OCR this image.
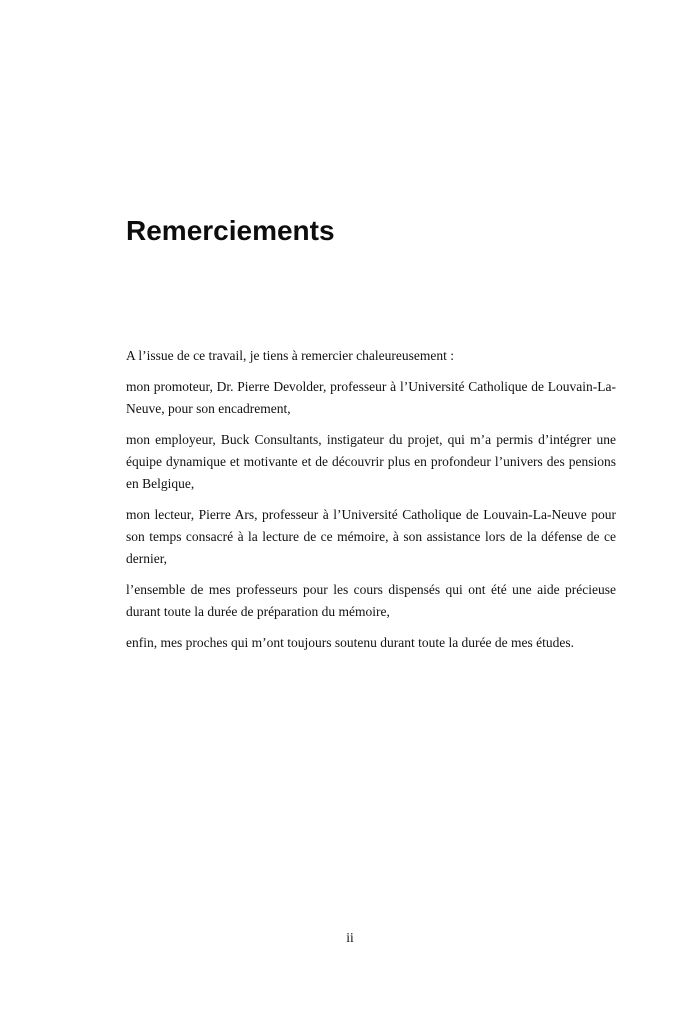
Remerciements

A l’issue de ce travail, je tiens à remercier chaleureusement :

mon promoteur, Dr. Pierre Devolder, professeur à l’Université Catholique de Louvain-La-Neuve, pour son encadrement,

mon employeur, Buck Consultants, instigateur du projet, qui m’a permis d’intégrer une équipe dynamique et motivante et de découvrir plus en profondeur l’univers des pensions en Belgique,

mon lecteur, Pierre Ars, professeur à l’Université Catholique de Louvain-La-Neuve pour son temps consacré à la lecture de ce mémoire, à son assistance lors de la défense de ce dernier,

l’ensemble de mes professeurs pour les cours dispensés qui ont été une aide précieuse durant toute la durée de préparation du mémoire,

enfin, mes proches qui m’ont toujours soutenu durant toute la durée de mes études.

ii
